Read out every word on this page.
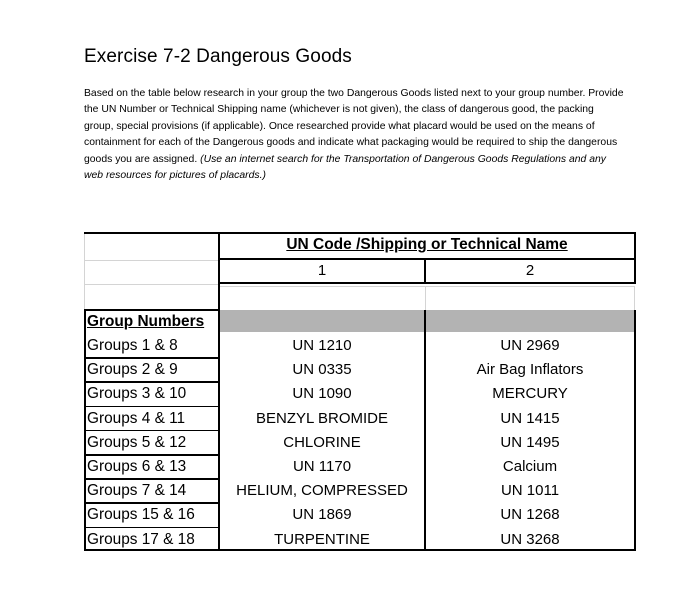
Exercise 7-2 Dangerous Goods
Based on the table below research in your group the two Dangerous Goods listed next to your group number. Provide the UN Number or Technical Shipping name (whichever is not given), the class of dangerous good, the packing group, special provisions (if applicable). Once researched provide what placard would be used on the means of containment for each of the Dangerous goods and indicate what packaging would be required to ship the dangerous goods you are assigned. (Use an internet search for the Transportation of Dangerous Goods Regulations and any web resources for pictures of placards.)
UN Code /Shipping or Technical Name
1	2
Group Numbers
Groups 1 & 8	UN 1210	UN 2969
Groups 2 & 9	UN 0335	Air Bag Inflators
Groups 3 & 10	UN 1090	MERCURY
Groups 4 & 11	BENZYL BROMIDE	UN 1415
Groups 5 & 12	CHLORINE	UN 1495
Groups 6 & 13	UN 1170	Calcium
Groups 7 & 14	HELIUM, COMPRESSED	UN 1011
Groups 15 & 16	UN 1869	UN 1268
Groups 17 & 18	TURPENTINE	UN 3268
